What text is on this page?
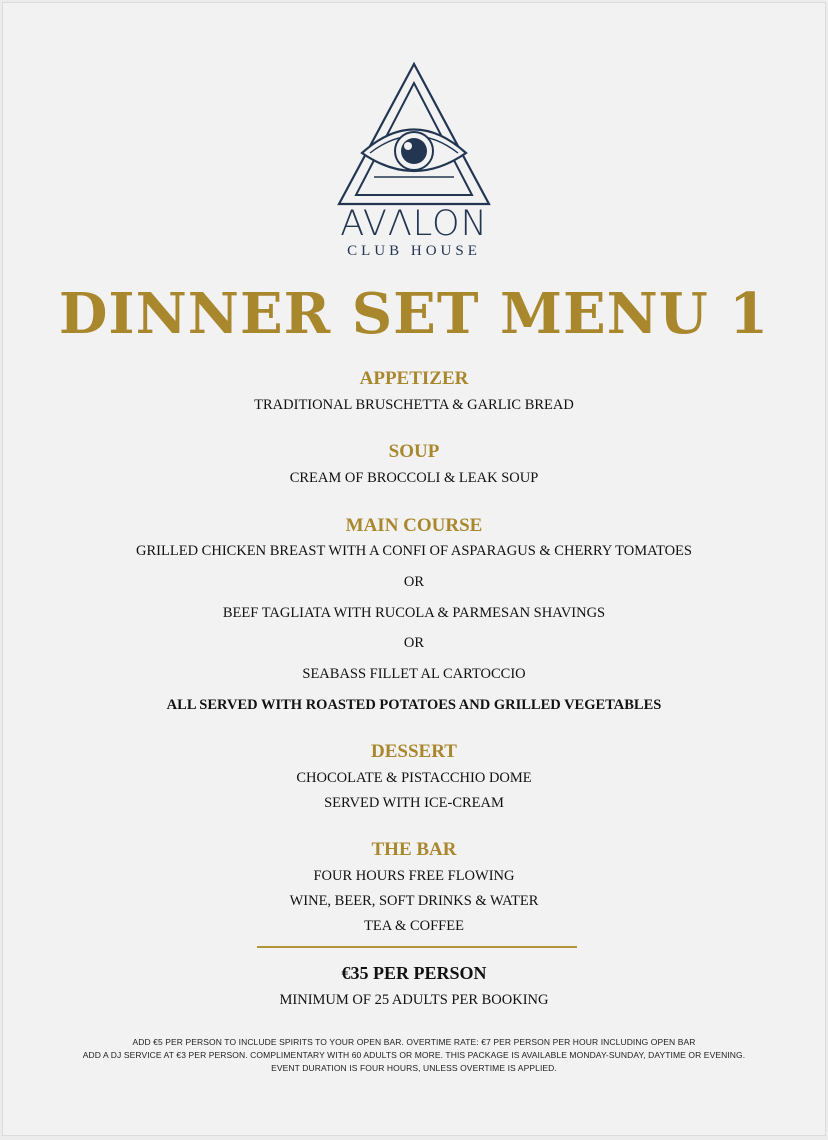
AVΛLON
CLUB HOUSE
DINNER SET MENU 1
APPETIZER
TRADITIONAL BRUSCHETTA & GARLIC BREAD
SOUP
CREAM OF BROCCOLI & LEAK SOUP
MAIN COURSE
GRILLED CHICKEN BREAST WITH A CONFI OF ASPARAGUS & CHERRY TOMATOES
OR
BEEF TAGLIATA WITH RUCOLA & PARMESAN SHAVINGS
OR
SEABASS FILLET AL CARTOCCIO
ALL SERVED WITH ROASTED POTATOES AND GRILLED VEGETABLES
DESSERT
CHOCOLATE & PISTACCHIO DOME
SERVED WITH ICE-CREAM
THE BAR
FOUR HOURS FREE FLOWING
WINE, BEER, SOFT DRINKS & WATER
TEA & COFFEE
€35 PER PERSON
MINIMUM OF 25 ADULTS PER BOOKING
ADD €5 PER PERSON TO INCLUDE SPIRITS TO YOUR OPEN BAR. OVERTIME RATE: €7 PER PERSON PER HOUR INCLUDING OPEN BAR
ADD A DJ SERVICE AT €3 PER PERSON. COMPLIMENTARY WITH 60 ADULTS OR MORE. THIS PACKAGE IS AVAILABLE MONDAY-SUNDAY, DAYTIME OR EVENING.
EVENT DURATION IS FOUR HOURS, UNLESS OVERTIME IS APPLIED.
